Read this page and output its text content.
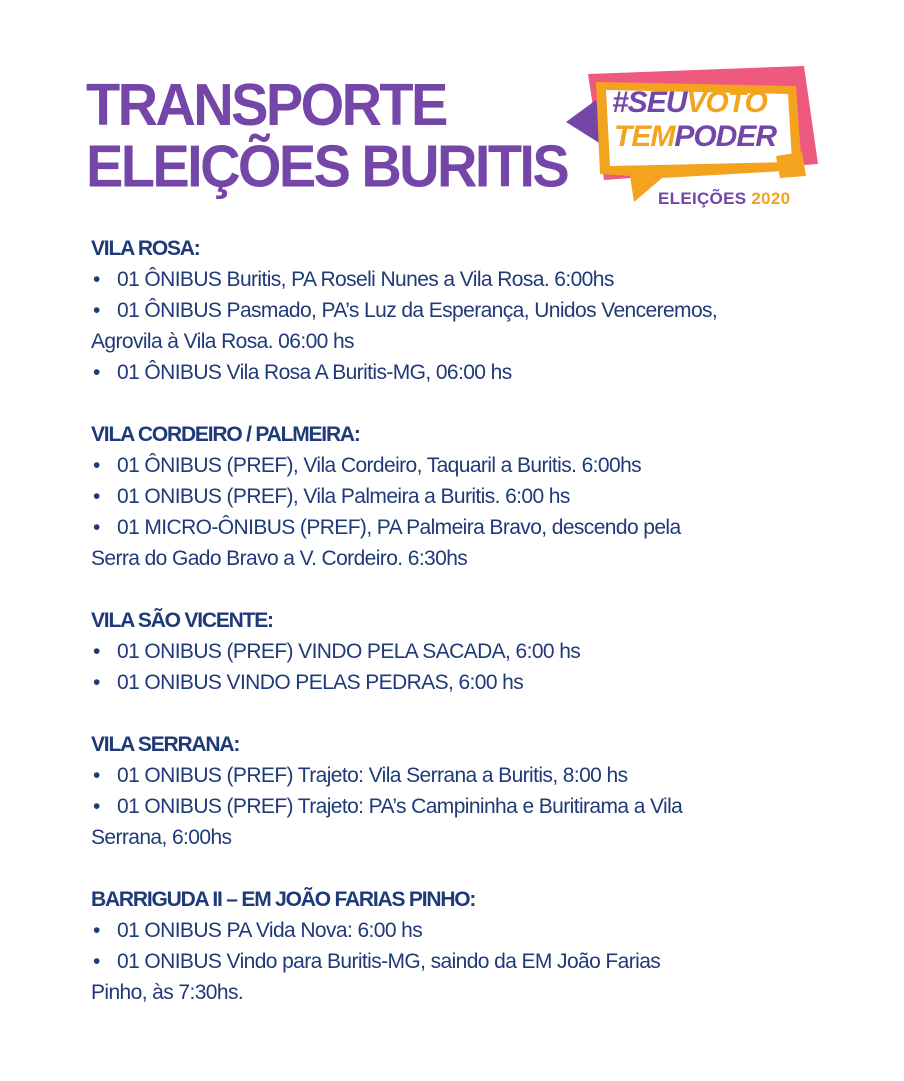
TRANSPORTE
ELEIÇÕES BURITIS
#SEUVOTO
TEMPODER
ELEIÇÕES 2020
VILA ROSA:
• 01 ÔNIBUS Buritis, PA Roseli Nunes a Vila Rosa. 6:00hs
• 01 ÔNIBUS Pasmado, PA’s Luz da Esperança, Unidos Venceremos,
Agrovila à Vila Rosa. 06:00 hs
• 01 ÔNIBUS Vila Rosa A Buritis-MG, 06:00 hs
VILA CORDEIRO / PALMEIRA:
• 01 ÔNIBUS (PREF), Vila Cordeiro, Taquaril a Buritis. 6:00hs
• 01 ONIBUS (PREF), Vila Palmeira a Buritis. 6:00 hs
• 01 MICRO-ÔNIBUS (PREF), PA Palmeira Bravo, descendo pela
Serra do Gado Bravo a V. Cordeiro. 6:30hs
VILA SÃO VICENTE:
• 01 ONIBUS (PREF) VINDO PELA SACADA, 6:00 hs
• 01 ONIBUS VINDO PELAS PEDRAS, 6:00 hs
VILA SERRANA:
• 01 ONIBUS (PREF) Trajeto: Vila Serrana a Buritis, 8:00 hs
• 01 ONIBUS (PREF) Trajeto: PA’s Campininha e Buritirama a Vila
Serrana, 6:00hs
BARRIGUDA II – EM JOÃO FARIAS PINHO:
• 01 ONIBUS PA Vida Nova: 6:00 hs
• 01 ONIBUS Vindo para Buritis-MG, saindo da EM João Farias
Pinho, às 7:30hs.
